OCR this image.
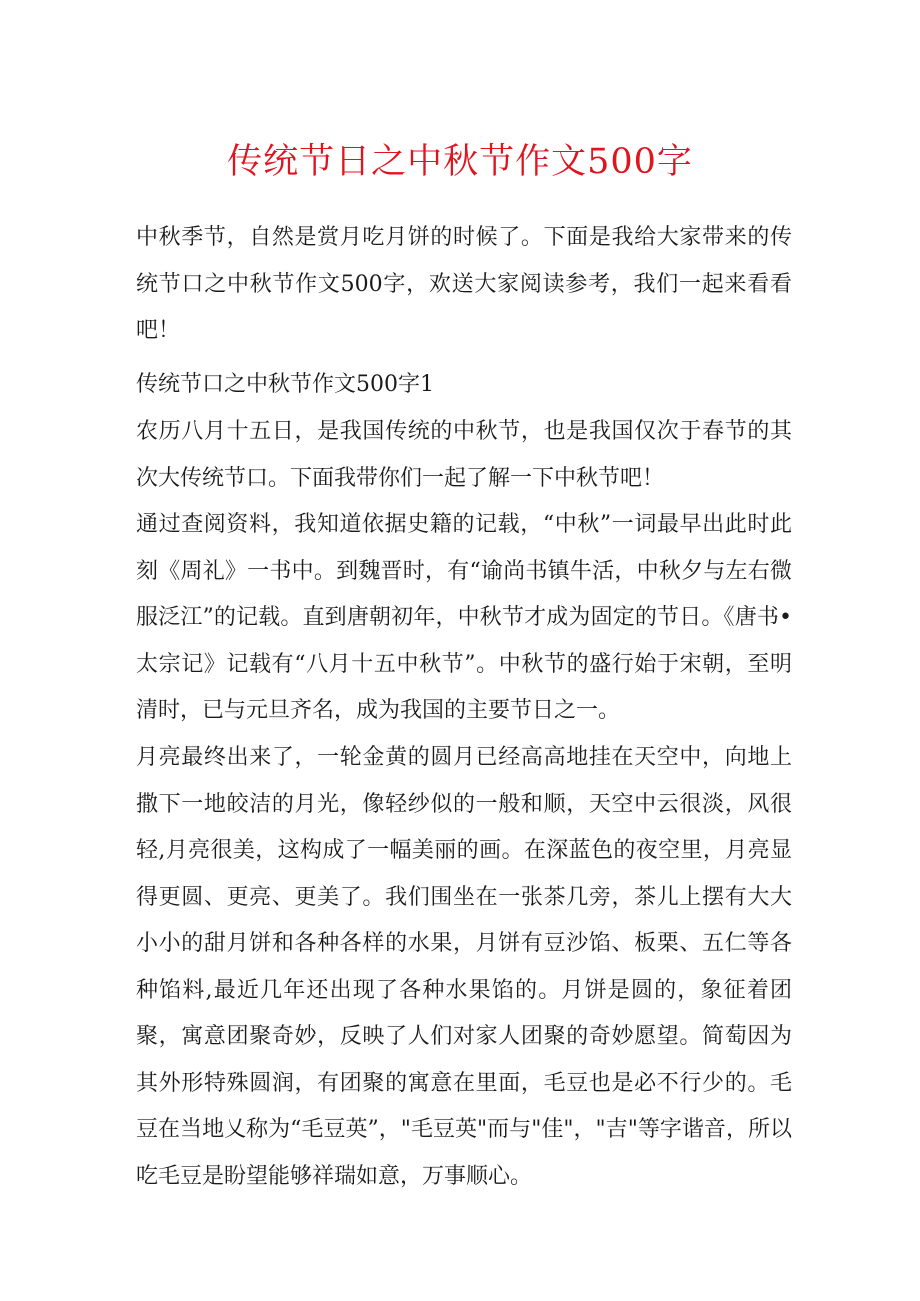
传统节日之中秋节作文500字

中秋季节，自然是赏月吃月饼的时候了。下面是我给大家带来的传统节口之中秋节作文500字，欢送大家阅读参考，我们一起来看看吧！

传统节口之中秋节作文500字1

农历八月十五日，是我国传统的中秋节，也是我国仅次于春节的其次大传统节口。下面我带你们一起了解一下中秋节吧！

通过查阅资料，我知道依据史籍的记载，“中秋”一词最早出此时此刻《周礼》一书中。到魏晋时，有“谕尚书镇牛活，中秋夕与左右微服泛江”的记载。直到唐朝初年，中秋节才成为固定的节日。《唐书•太宗记》记载有“八月十五中秋节”。中秋节的盛行始于宋朝，至明清时，已与元旦齐名，成为我国的主要节日之一。

月亮最终出来了，一轮金黄的圆月已经高高地挂在天空中，向地上撒下一地皎洁的月光，像轻纱似的一般和顺，天空中云很淡，风很轻,月亮很美，这构成了一幅美丽的画。在深蓝色的夜空里，月亮显得更圆、更亮、更美了。我们围坐在一张茶几旁，茶儿上摆有大大小小的甜月饼和各种各样的水果，月饼有豆沙馅、板栗、五仁等各种馅料,最近几年还出现了各种水果馅的。月饼是圆的，象征着团聚，寓意团聚奇妙，反映了人们对家人团聚的奇妙愿望。简萄因为其外形特殊圆润，有团聚的寓意在里面，毛豆也是必不行少的。毛豆在当地乂称为“毛豆英”，"毛豆英"而与"佳"，"吉"等字谐音，所以吃毛豆是盼望能够祥瑞如意，万事顺心。
